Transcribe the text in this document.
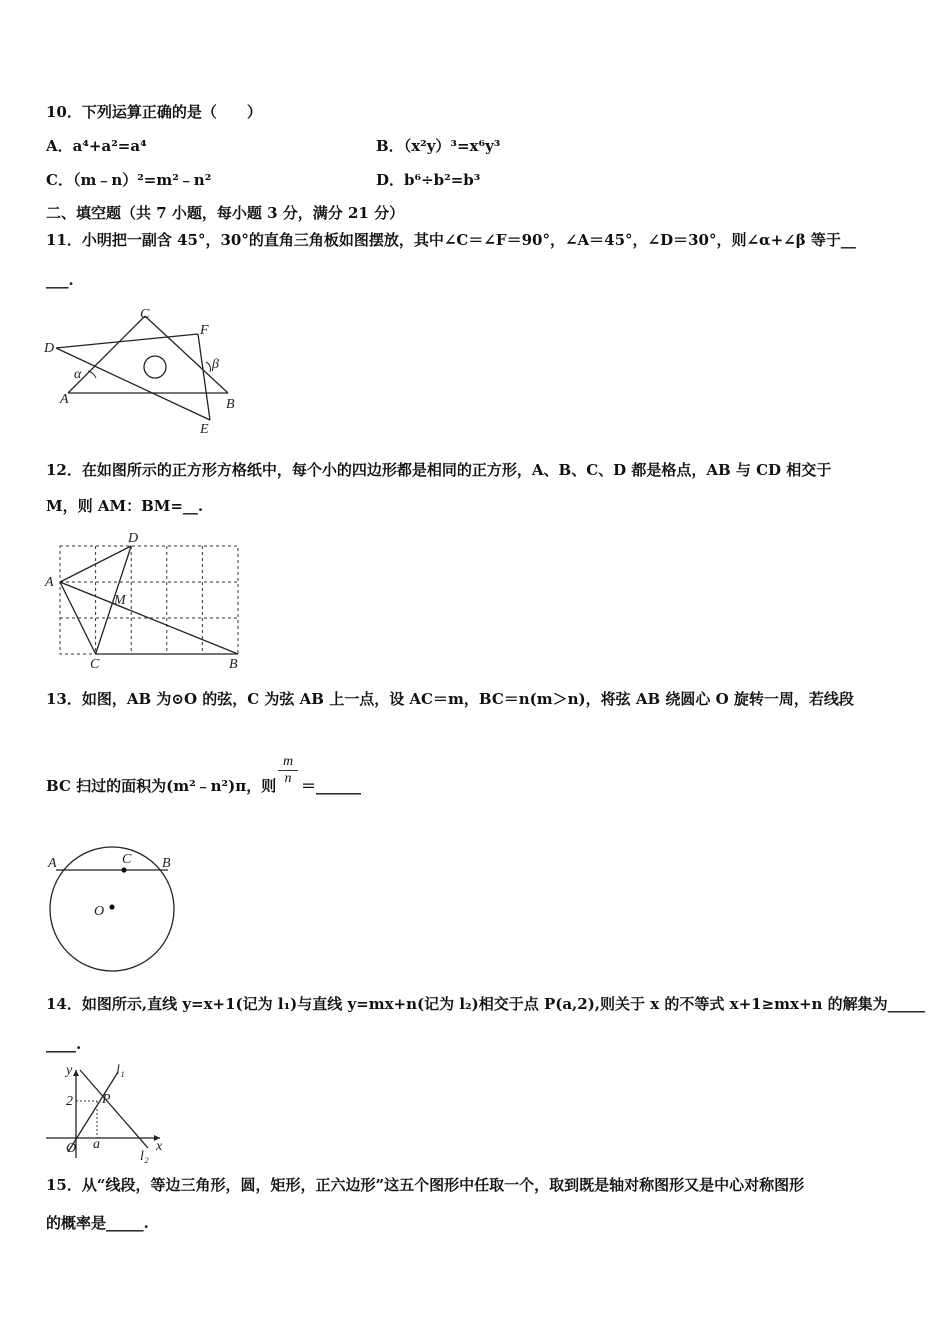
10．下列运算正确的是（　　）
A．a⁴+a²=a⁴	B．（x²y）³=x⁶y³
C．（m﹣n）²=m²﹣n²	D．b⁶÷b²=b³
二、填空题（共 7 小题，每小题 3 分，满分 21 分）
11．小明把一副含 45°，30°的直角三角板如图摆放，其中∠C＝∠F＝90°，∠A＝45°，∠D＝30°，则∠α+∠β 等于__
___.
C
F
D
α
β
A	B
E
12．在如图所示的正方形方格纸中，每个小的四边形都是相同的正方形，A、B、C、D 都是格点，AB 与 CD 相交于
M，则 AM：BM=__.
D
A
M
C	B
13．如图，AB 为⊙O 的弦，C 为弦 AB 上一点，设 AC＝m，BC＝n(m＞n)，将弦 AB 绕圆心 O 旋转一周，若线段
BC 扫过的面积为(m²﹣n²)π，则 $\frac{m}{n}$ ＝______
A	C B
O
14．如图所示,直线 y=x+1(记为 l₁)与直线 y=mx+n(记为 l₂)相交于点 P(a,2),则关于 x 的不等式 x+1≥mx+n 的解集为_____
____.
y	l₁
2 P
O a	x
l₂
15．从“线段，等边三角形，圆，矩形，正六边形”这五个图形中任取一个，取到既是轴对称图形又是中心对称图形
的概率是_____.
